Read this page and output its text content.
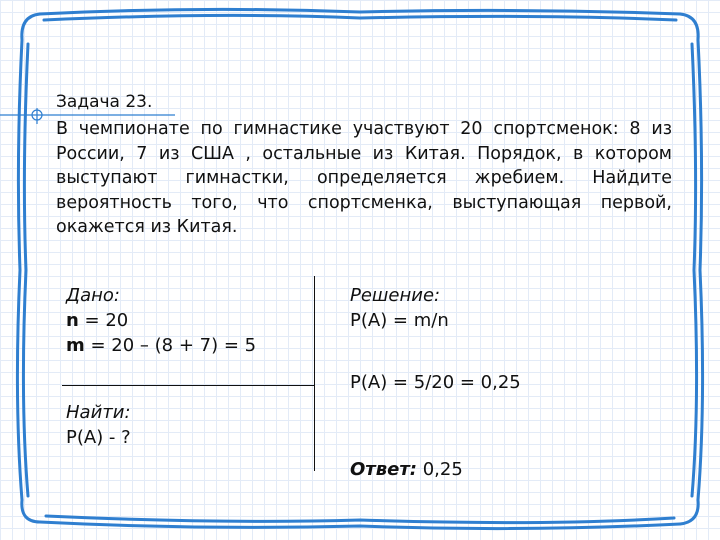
Задача 23.
В чемпионате по гимнастике участвуют 20 спортсменок: 8 из России, 7 из США , остальные из Китая. Порядок, в котором выступают гимнастки, определяется жребием. Найдите вероятность того, что спортсменка, выступающая первой, окажется из Китая.
Дано:
n = 20
m = 20 – (8 + 7) = 5
Найти:
P(A) - ?
Решение:
P(A) = m/n
P(A) = 5/20 = 0,25
Ответ: 0,25
